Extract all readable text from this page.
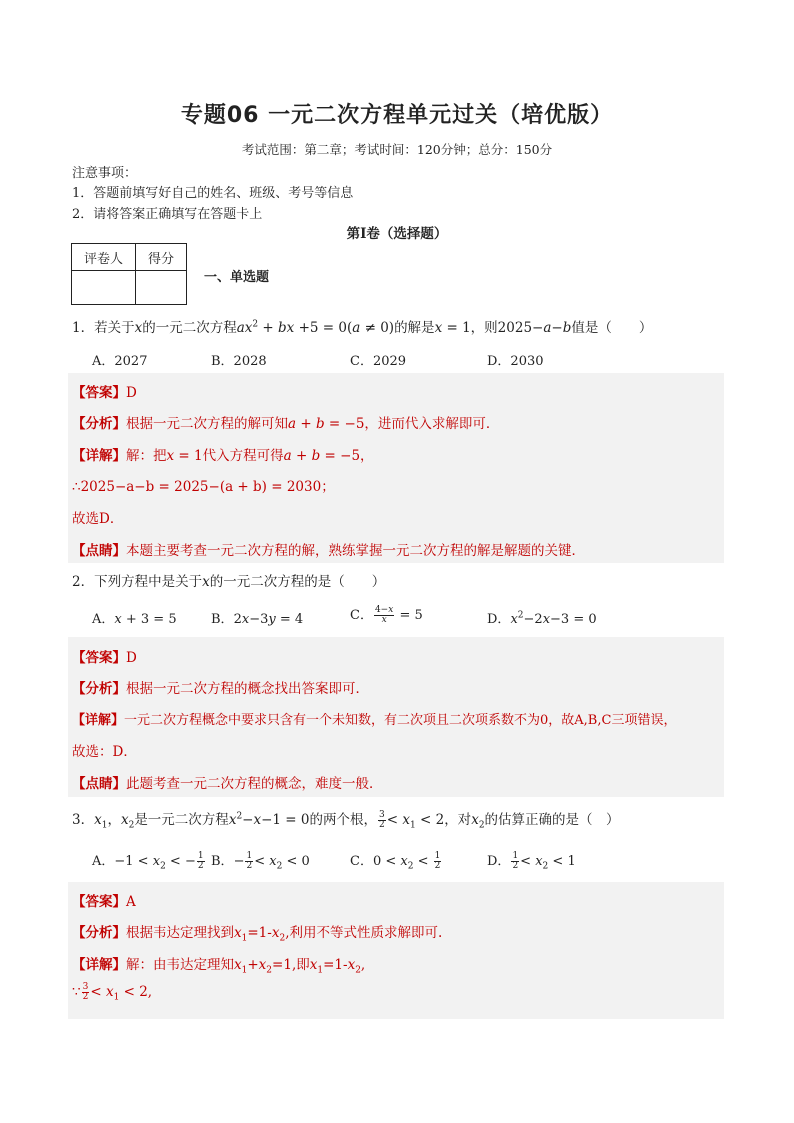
专题06 一元二次方程单元过关（培优版）
考试范围：第二章；考试时间：120分钟；总分：150分
注意事项：
1．答题前填写好自己的姓名、班级、考号等信息
2．请将答案正确填写在答题卡上
第I卷（选择题）
评卷人	得分

一、单选题
1．若关于x的一元二次方程$ax^2$ + bx +5 = 0(a ≠ 0)的解是x = 1，则2025−a−b值是（　　）
A．2027	B．2028	C．2029	D．2030
【答案】D
【分析】根据一元二次方程的解可知a + b = −5，进而代入求解即可．
【详解】解：把x = 1代入方程可得a + b = −5，
∴2025−a−b = 2025−(a + b) = 2030；
故选D．
【点睛】本题主要考查一元二次方程的解，熟练掌握一元二次方程的解是解题的关键．
2．下列方程中是关于x的一元二次方程的是（　　）
A．x + 3 = 5	B．2x−3y = 4	C． $\frac{4-x}{x} = 5$	D．$x^2-2x-3 = 0$
【答案】D
【分析】根据一元二次方程的概念找出答案即可．
【详解】一元二次方程概念中要求只含有一个未知数，有二次项且二次项系数不为0，故A,B,C三项错误，
故选：D．
【点睛】此题考查一元二次方程的概念，难度一般．
3．$x_1$，$x_2$是一元二次方程$x^2-x-1 = 0$的两个根， $\frac{3}{2} < x_1 < 2$，对$x_2$的估算正确的是（　）
A．$-1 < x_2$ < − $\frac{1}{2}$ B．− $\frac{1}{2} < x_2 < 0$	C．$0 < x_2 < \frac{1}{2}$	D． $\frac{1}{2} < x_2 < 1$
【答案】A
【分析】根据韦达定理找到$x_1=1-x_2$,利用不等式性质求解即可.
【详解】解：由韦达定理知$x_1+x_2=1$,即$x_1=1-x_2$,
∵ $\frac{3}{2} < x_1 < 2$,
